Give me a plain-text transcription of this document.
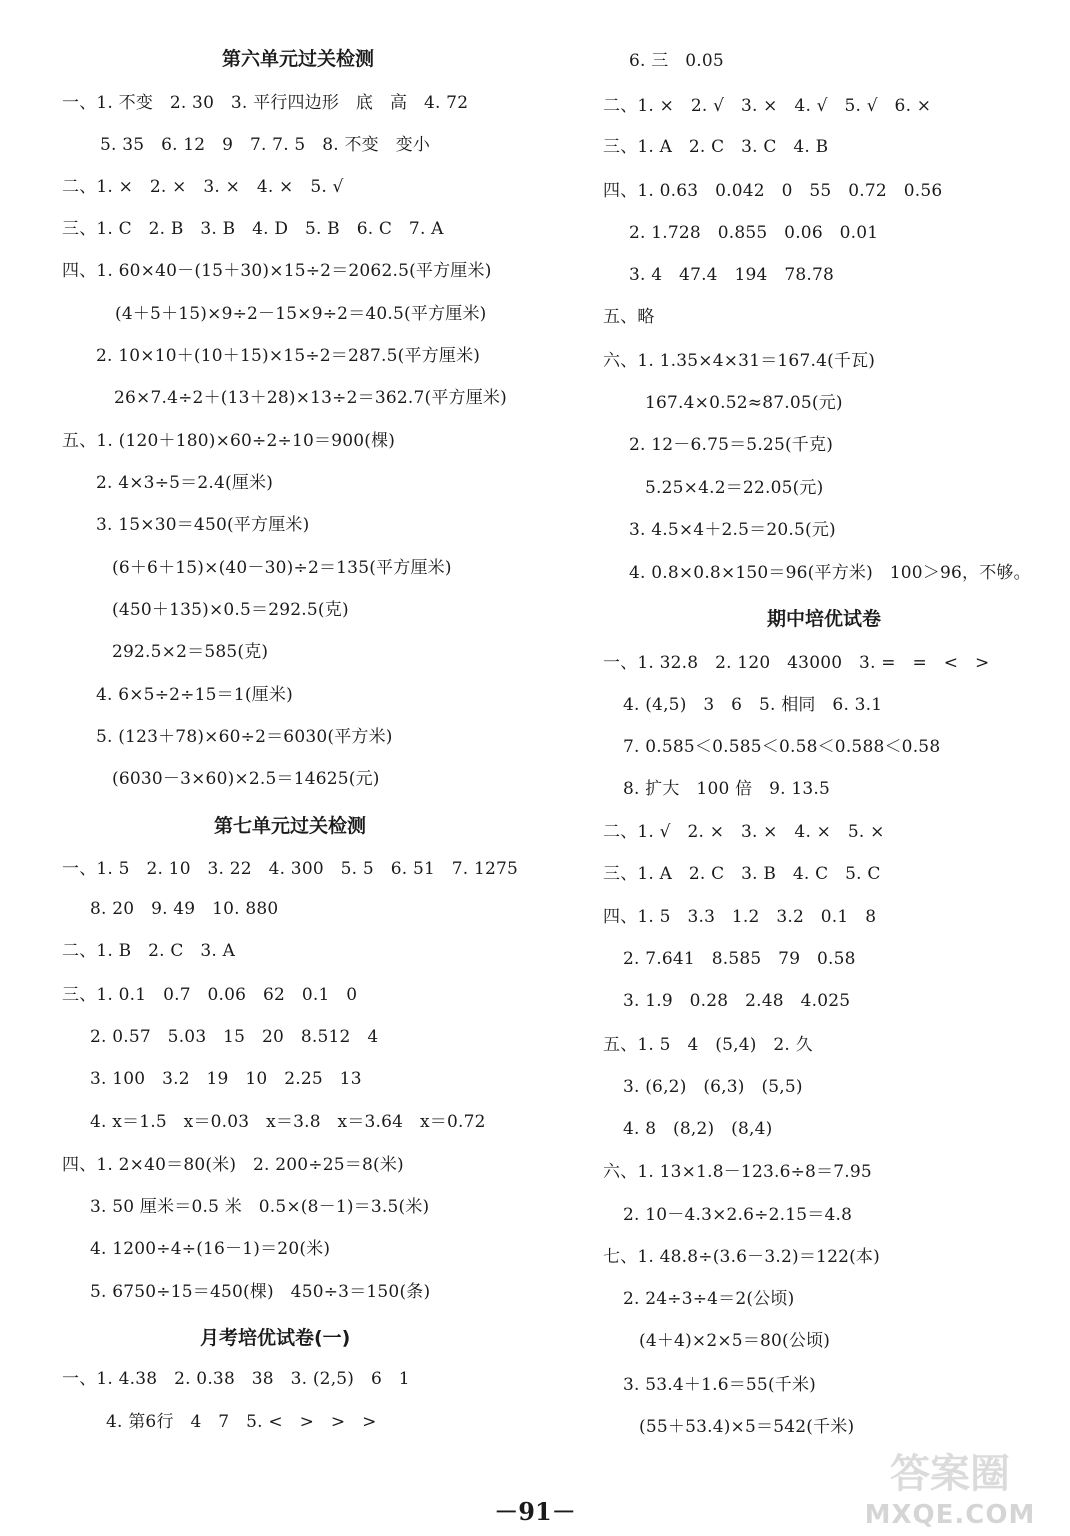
第六单元过关检测
一、1. 不变   2. 30   3. 平行四边形   底   高   4. 72
5. 35   6. 12   9   7. 7. 5   8. 不变   变小
二、1. ×   2. ×   3. ×   4. ×   5. √
三、1. C   2. B   3. B   4. D   5. B   6. C   7. A
四、1. 60×40－(15＋30)×15÷2＝2062.5(平方厘米)
(4＋5＋15)×9÷2－15×9÷2＝40.5(平方厘米)
2. 10×10＋(10＋15)×15÷2＝287.5(平方厘米)
26×7.4÷2＋(13＋28)×13÷2＝362.7(平方厘米)
五、1. (120＋180)×60÷2÷10＝900(棵)
2. 4×3÷5＝2.4(厘米)
3. 15×30＝450(平方厘米)
(6＋6＋15)×(40－30)÷2＝135(平方厘米)
(450＋135)×0.5＝292.5(克)
292.5×2＝585(克)
4. 6×5÷2÷15＝1(厘米)
5. (123＋78)×60÷2＝6030(平方米)
(6030－3×60)×2.5＝14625(元)
第七单元过关检测
一、1. 5   2. 10   3. 22   4. 300   5. 5   6. 51   7. 1275
8. 20   9. 49   10. 880
二、1. B   2. C   3. A
三、1. 0.1   0.7   0.06   62   0.1   0
2. 0.57   5.03   15   20   8.512   4
3. 100   3.2   19   10   2.25   13
4. x＝1.5   x＝0.03   x＝3.8   x＝3.64   x＝0.72
四、1. 2×40＝80(米)   2. 200÷25＝8(米)
3. 50 厘米＝0.5 米   0.5×(8－1)＝3.5(米)
4. 1200÷4÷(16－1)＝20(米)
5. 6750÷15＝450(棵)   450÷3＝150(条)
月考培优试卷(一)
一、1. 4.38   2. 0.38   38   3. (2,5)   6   1
4. 第6行   4   7   5. <   >   >   >
6. 三   0.05
二、1. ×   2. √   3. ×   4. √   5. √   6. ×
三、1. A   2. C   3. C   4. B
四、1. 0.63   0.042   0   55   0.72   0.56
2. 1.728   0.855   0.06   0.01
3. 4   47.4   194   78.78
五、略
六、1. 1.35×4×31＝167.4(千瓦)
167.4×0.52≈87.05(元)
2. 12－6.75＝5.25(千克)
5.25×4.2＝22.05(元)
3. 4.5×4＋2.5＝20.5(元)
4. 0.8×0.8×150＝96(平方米)   100＞96，不够。
期中培优试卷
一、1. 32.8   2. 120   43000   3. =   =   <   >
4. (4,5)   3   6   5. 相同   6. 3.1
7. 0.585＜0.585＜0.58＜0.588＜0.58
8. 扩大   100 倍   9. 13.5
二、1. √   2. ×   3. ×   4. ×   5. ×
三、1. A   2. C   3. B   4. C   5. C
四、1. 5   3.3   1.2   3.2   0.1   8
2. 7.641   8.585   79   0.58
3. 1.9   0.28   2.48   4.025
五、1. 5   4   (5,4)   2. 久
3. (6,2)   (6,3)   (5,5)
4. 8   (8,2)   (8,4)
六、1. 13×1.8－123.6÷8＝7.95
2. 10－4.3×2.6÷2.15＝4.8
七、1. 48.8÷(3.6－3.2)＝122(本)
2. 24÷3÷4＝2(公顷)
(4＋4)×2×5＝80(公顷)
3. 53.4＋1.6＝55(千米)
(55＋53.4)×5＝542(千米)
－91－
答案圈
MXQE.COM
